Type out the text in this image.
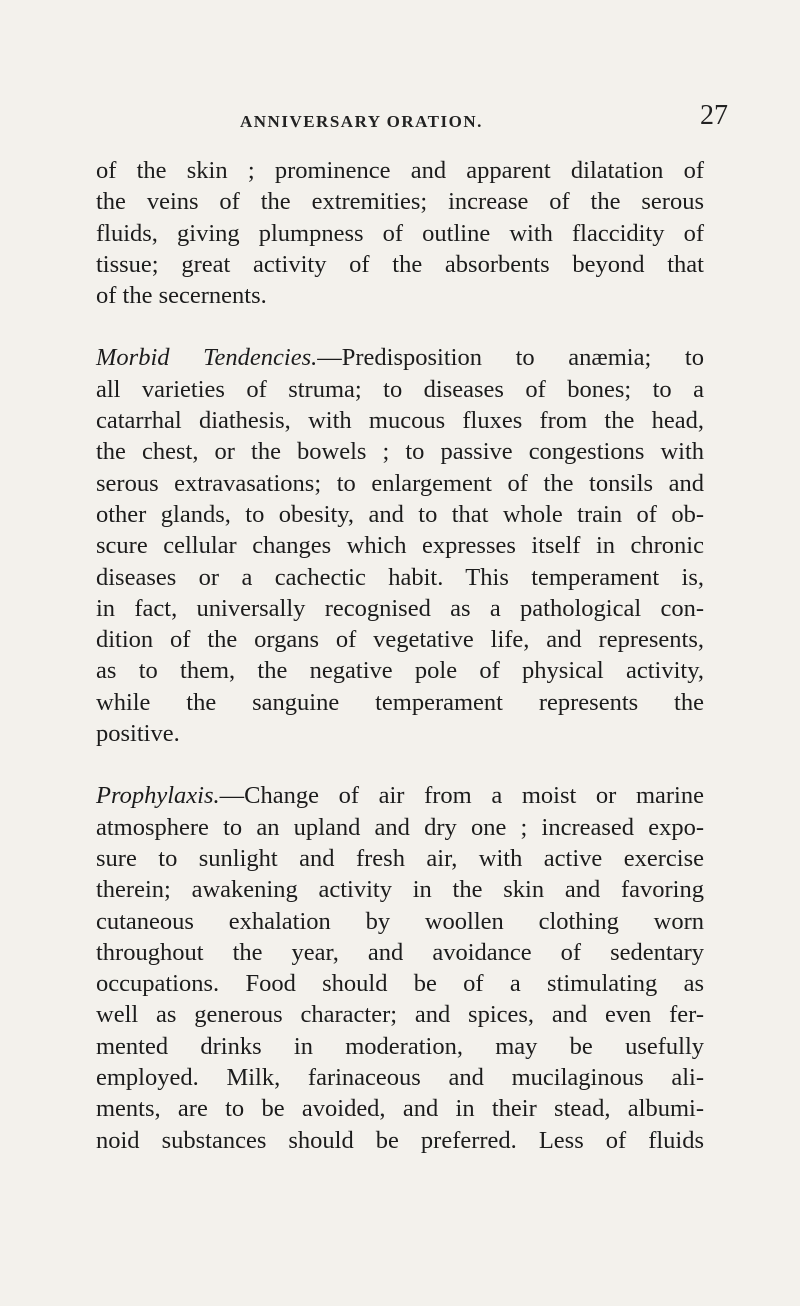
ANNIVERSARY ORATION.	27
of the skin ; prominence and apparent dilatation of
the veins of the extremities; increase of the serous
fluids, giving plumpness of outline with flaccidity of
tissue; great activity of the absorbents beyond that
of the secernents.
Morbid Tendencies.—Predisposition to anæmia; to
all varieties of struma; to diseases of bones; to a
catarrhal diathesis, with mucous fluxes from the head,
the chest, or the bowels ; to passive congestions with
serous extravasations; to enlargement of the tonsils and
other glands, to obesity, and to that whole train of ob-
scure cellular changes which expresses itself in chronic
diseases or a cachectic habit. This temperament is,
in fact, universally recognised as a pathological con-
dition of the organs of vegetative life, and represents,
as to them, the negative pole of physical activity,
while the sanguine temperament represents the
positive.
Prophylaxis.—Change of air from a moist or marine
atmosphere to an upland and dry one ; increased expo-
sure to sunlight and fresh air, with active exercise
therein; awakening activity in the skin and favoring
cutaneous exhalation by woollen clothing worn
throughout the year, and avoidance of sedentary
occupations. Food should be of a stimulating as
well as generous character; and spices, and even fer-
mented drinks in moderation, may be usefully
employed. Milk, farinaceous and mucilaginous ali-
ments, are to be avoided, and in their stead, albumi-
noid substances should be preferred. Less of fluids
